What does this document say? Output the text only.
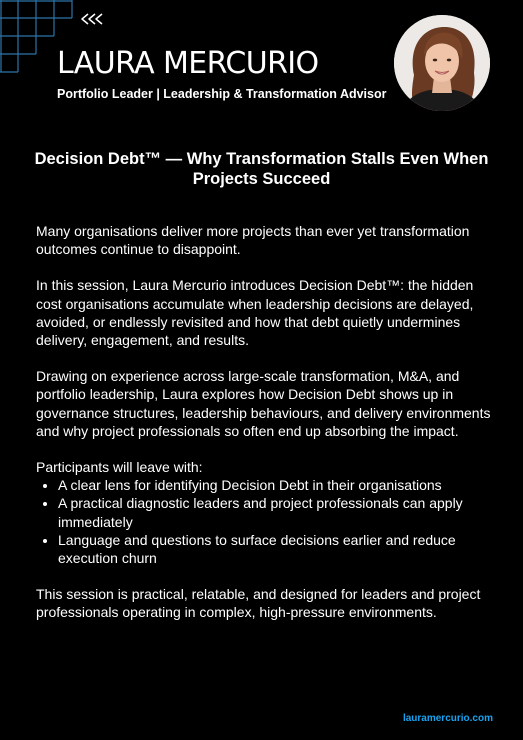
LAURA MERCURIO
Portfolio Leader | Leadership & Transformation Advisor
Decision Debt™ — Why Transformation Stalls Even When Projects Succeed

Many organisations deliver more projects than ever yet transformation outcomes continue to disappoint.

In this session, Laura Mercurio introduces Decision Debt™: the hidden cost organisations accumulate when leadership decisions are delayed, avoided, or endlessly revisited and how that debt quietly undermines delivery, engagement, and results.

Drawing on experience across large-scale transformation, M&A, and portfolio leadership, Laura explores how Decision Debt shows up in governance structures, leadership behaviours, and delivery environments and why project professionals so often end up absorbing the impact.

Participants will leave with:

• A clear lens for identifying Decision Debt in their organisations
• A practical diagnostic leaders and project professionals can apply immediately
• Language and questions to surface decisions earlier and reduce execution churn

This session is practical, relatable, and designed for leaders and project professionals operating in complex, high-pressure environments.

lauramercurio.com
